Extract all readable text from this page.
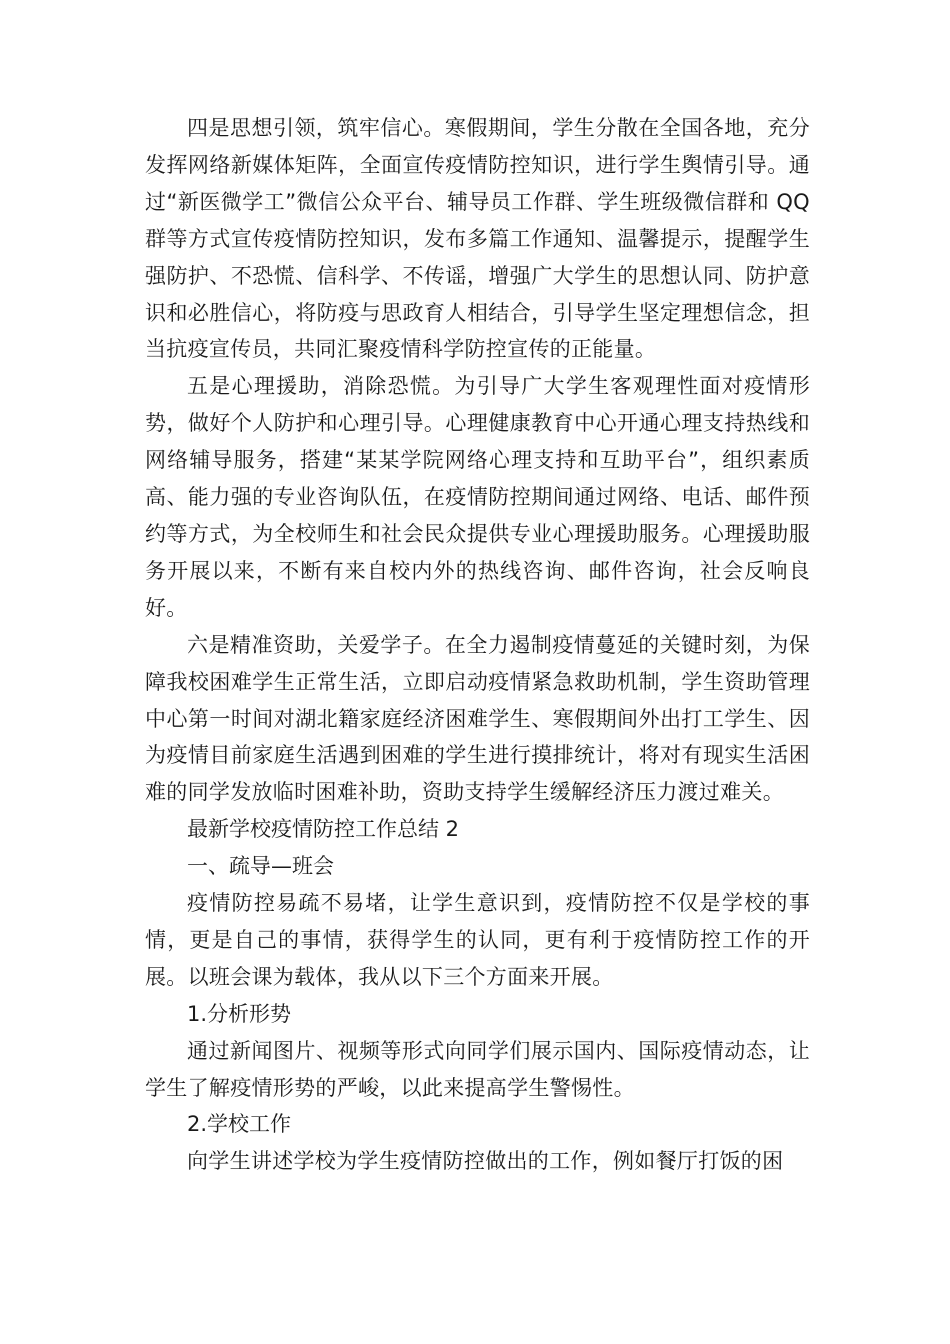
四是思想引领，筑牢信心。寒假期间，学生分散在全国各地，充分发挥网络新媒体矩阵，全面宣传疫情防控知识，进行学生舆情引导。通过“新医微学工”微信公众平台、辅导员工作群、学生班级微信群和 QQ 群等方式宣传疫情防控知识，发布多篇工作通知、温馨提示，提醒学生强防护、不恐慌、信科学、不传谣，增强广大学生的思想认同、防护意识和必胜信心，将防疫与思政育人相结合，引导学生坚定理想信念，担当抗疫宣传员，共同汇聚疫情科学防控宣传的正能量。

五是心理援助，消除恐慌。为引导广大学生客观理性面对疫情形势，做好个人防护和心理引导。心理健康教育中心开通心理支持热线和网络辅导服务，搭建“某某学院网络心理支持和互助平台”，组织素质高、能力强的专业咨询队伍，在疫情防控期间通过网络、电话、邮件预约等方式，为全校师生和社会民众提供专业心理援助服务。心理援助服务开展以来，不断有来自校内外的热线咨询、邮件咨询，社会反响良好。

六是精准资助，关爱学子。在全力遏制疫情蔓延的关键时刻，为保障我校困难学生正常生活，立即启动疫情紧急救助机制，学生资助管理中心第一时间对湖北籍家庭经济困难学生、寒假期间外出打工学生、因为疫情目前家庭生活遇到困难的学生进行摸排统计，将对有现实生活困难的同学发放临时困难补助，资助支持学生缓解经济压力渡过难关。

最新学校疫情防控工作总结 2

一、疏导—班会

疫情防控易疏不易堵，让学生意识到，疫情防控不仅是学校的事情，更是自己的事情，获得学生的认同，更有利于疫情防控工作的开展。以班会课为载体，我从以下三个方面来开展。

1.分析形势

通过新闻图片、视频等形式向同学们展示国内、国际疫情动态，让学生了解疫情形势的严峻，以此来提高学生警惕性。

2.学校工作

向学生讲述学校为学生疫情防控做出的工作，例如餐厅打饭的困
